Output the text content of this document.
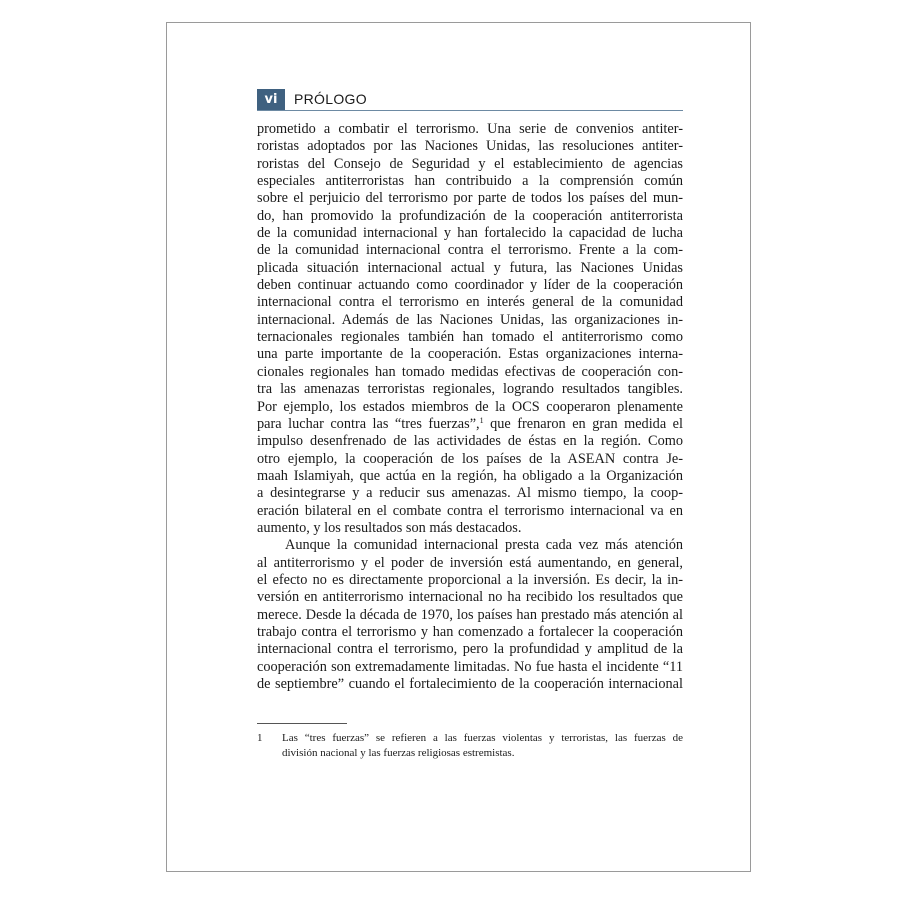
vi	PRÓLOGO
prometido a combatir el terrorismo. Una serie de convenios antiter-
roristas adoptados por las Naciones Unidas, las resoluciones antiter-
roristas del Consejo de Seguridad y el establecimiento de agencias
especiales antiterroristas han contribuido a la comprensión común
sobre el perjuicio del terrorismo por parte de todos los países del mun-
do, han promovido la profundización de la cooperación antiterrorista
de la comunidad internacional y han fortalecido la capacidad de lucha
de la comunidad internacional contra el terrorismo. Frente a la com-
plicada situación internacional actual y futura, las Naciones Unidas
deben continuar actuando como coordinador y líder de la cooperación
internacional contra el terrorismo en interés general de la comunidad
internacional. Además de las Naciones Unidas, las organizaciones in-
ternacionales regionales también han tomado el antiterrorismo como
una parte importante de la cooperación. Estas organizaciones interna-
cionales regionales han tomado medidas efectivas de cooperación con-
tra las amenazas terroristas regionales, logrando resultados tangibles.
Por ejemplo, los estados miembros de la OCS cooperaron plenamente
para luchar contra las “tres fuerzas”,$^1$ que frenaron en gran medida el
impulso desenfrenado de las actividades de éstas en la región. Como
otro ejemplo, la cooperación de los países de la ASEAN contra Je-
maah Islamiyah, que actúa en la región, ha obligado a la Organización
a desintegrarse y a reducir sus amenazas. Al mismo tiempo, la coop-
eración bilateral en el combate contra el terrorismo internacional va en
aumento, y los resultados son más destacados.
Aunque la comunidad internacional presta cada vez más atención
al antiterrorismo y el poder de inversión está aumentando, en general,
el efecto no es directamente proporcional a la inversión. Es decir, la in-
versión en antiterrorismo internacional no ha recibido los resultados que
merece. Desde la década de 1970, los países han prestado más atención al
trabajo contra el terrorismo y han comenzado a fortalecer la cooperación
internacional contra el terrorismo, pero la profundidad y amplitud de la
cooperación son extremadamente limitadas. No fue hasta el incidente “11
de septiembre” cuando el fortalecimiento de la cooperación internacional
1	Las “tres fuerzas” se refieren a las fuerzas violentas y terroristas, las fuerzas de
división nacional y las fuerzas religiosas estremistas.
